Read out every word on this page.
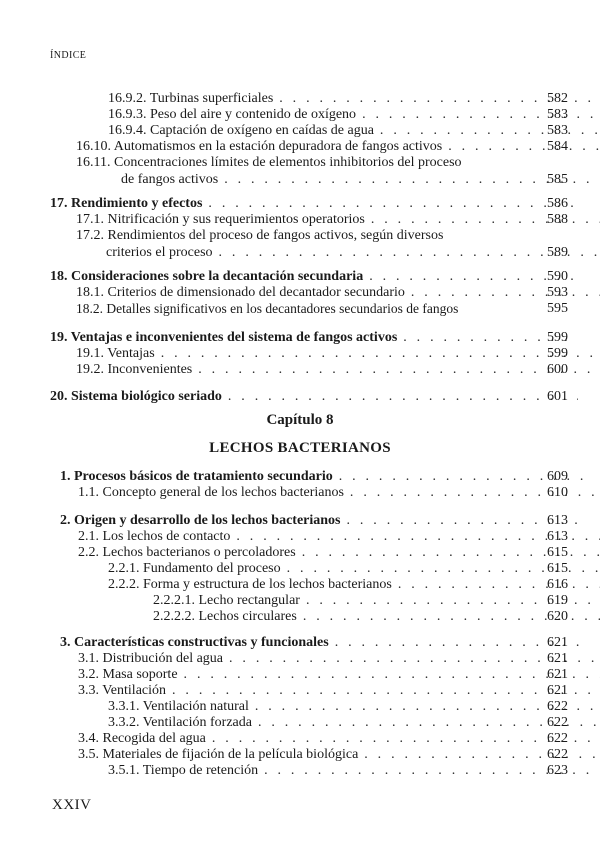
ÍNDICE
16.9.2. Turbinas superficiales . . .	582
16.9.3. Peso del aire y contenido de oxígeno . . .	583
16.9.4. Captación de oxígeno en caídas de agua . . .	583
16.10. Automatismos en la estación depuradora de fangos activos . . .	584
16.11. Concentraciones límites de elementos inhibitorios del proceso
de fangos activos . . .	585
17. Rendimiento y efectos . . .	586
17.1. Nitrificación y sus requerimientos operatorios . . .	588
17.2. Rendimientos del proceso de fangos activos, según diversos
criterios el proceso . . .	589
18. Consideraciones sobre la decantación secundaria . . .	590
18.1. Criterios de dimensionado del decantador secundario . . .	593
18.2. Detalles significativos en los decantadores secundarios de fangos	595
19. Ventajas e inconvenientes del sistema de fangos activos . . .	599
19.1. Ventajas . . .	599
19.2. Inconvenientes . . .	600
20. Sistema biológico seriado . . .	601
Capítulo 8
LECHOS BACTERIANOS
1. Procesos básicos de tratamiento secundario . . .	609
1.1. Concepto general de los lechos bacterianos . . .	610
2. Origen y desarrollo de los lechos bacterianos . . .	613
2.1. Los lechos de contacto . . .	613
2.2. Lechos bacterianos o percoladores . . .	615
2.2.1. Fundamento del proceso . . .	615
2.2.2. Forma y estructura de los lechos bacterianos . . .	616
2.2.2.1. Lecho rectangular . . .	619
2.2.2.2. Lechos circulares . . .	620
3. Características constructivas y funcionales . . .	621
3.1. Distribución del agua . . .	621
3.2. Masa soporte . . .	621
3.3. Ventilación . . .	621
3.3.1. Ventilación natural . . .	622
3.3.2. Ventilación forzada . . .	622
3.4. Recogida del agua . . .	622
3.5. Materiales de fijación de la película biológica . . .	622
3.5.1. Tiempo de retención . . .	623
XXIV
